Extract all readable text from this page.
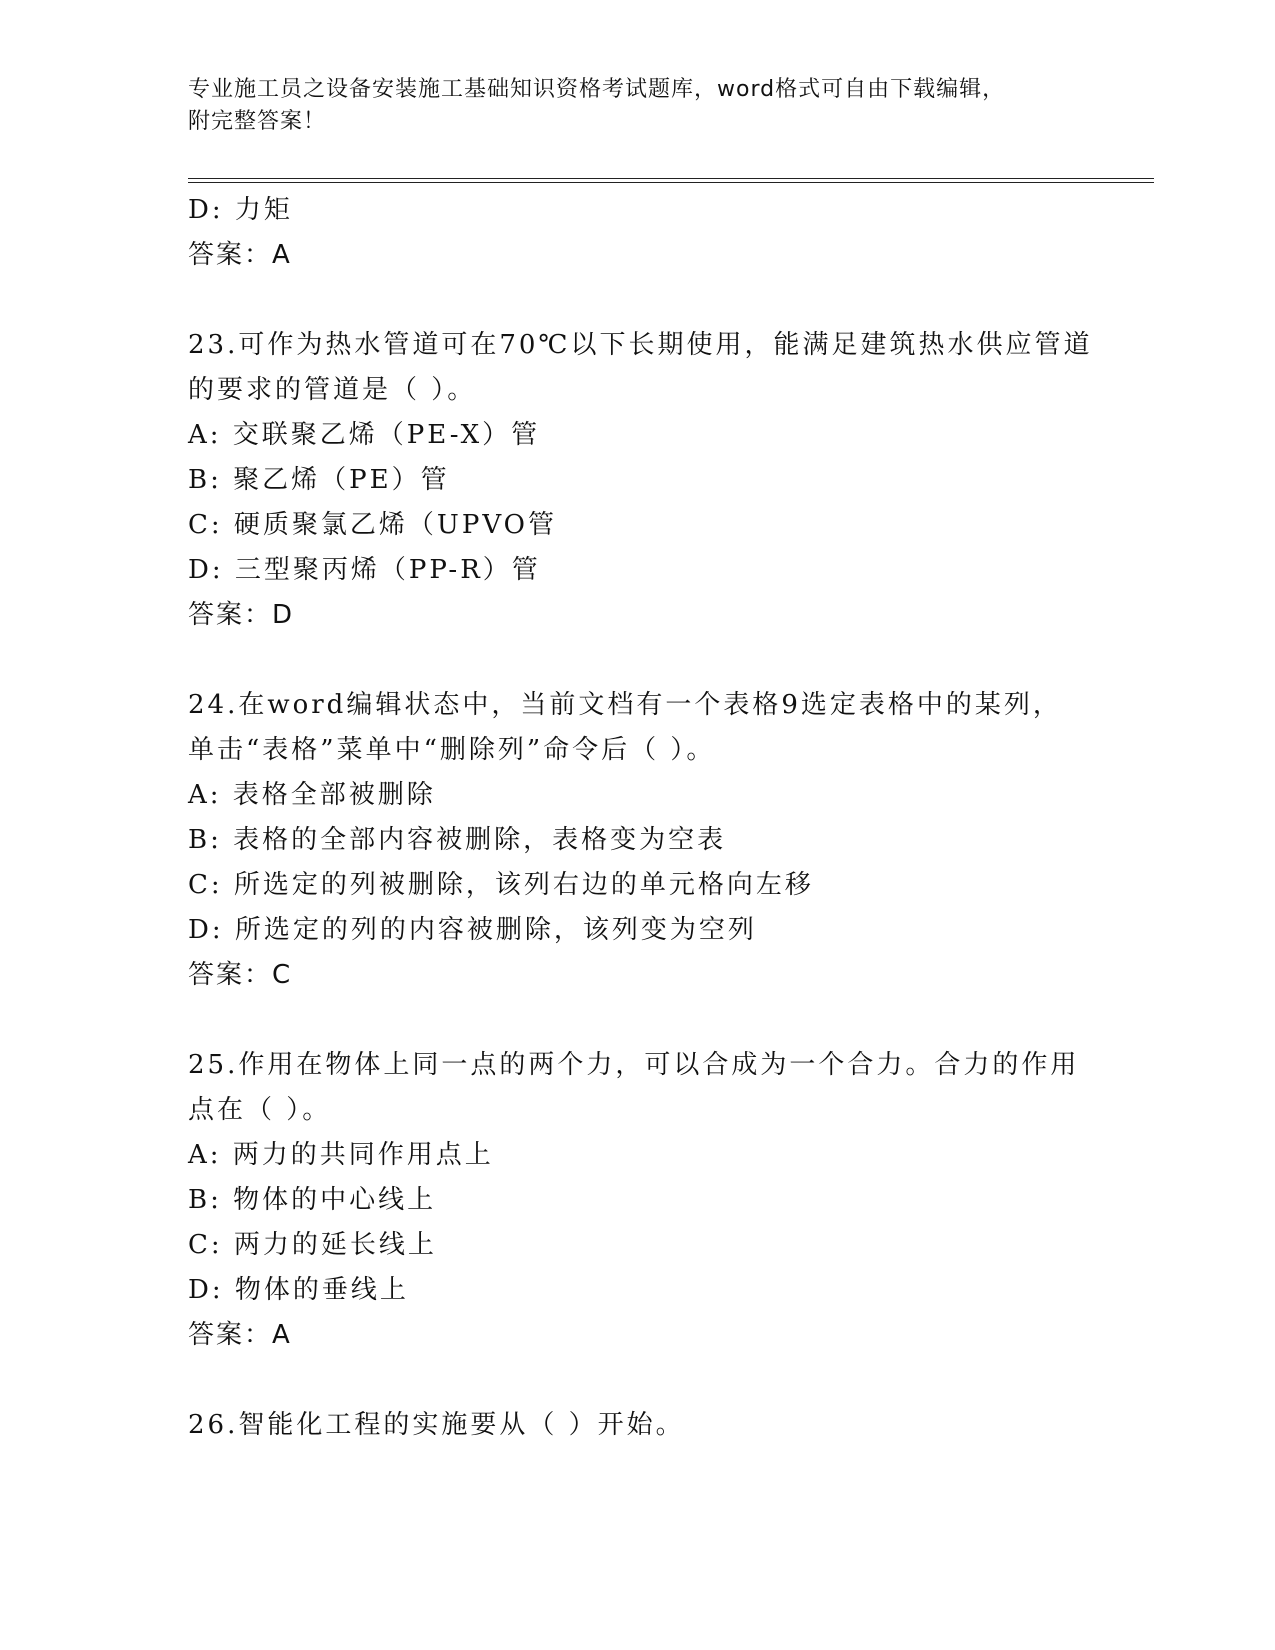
专业施工员之设备安装施工基础知识资格考试题库，word格式可自由下载编辑，
附完整答案！
D: 力矩
答案：A
23.可作为热水管道可在70℃以下长期使用，能满足建筑热水供应管道
的要求的管道是（ ）。
A: 交联聚乙烯（PE-X）管
B: 聚乙烯（PE）管
C: 硬质聚氯乙烯（UPVO管
D: 三型聚丙烯（PP-R）管
答案：D
24.在word编辑状态中，当前文档有一个表格9选定表格中的某列，
单击“表格”菜单中“删除列”命令后（ ）。
A: 表格全部被删除
B: 表格的全部内容被删除，表格变为空表
C: 所选定的列被删除，该列右边的单元格向左移
D: 所选定的列的内容被删除，该列变为空列
答案：C
25.作用在物体上同一点的两个力，可以合成为一个合力。合力的作用
点在（ ）。
A: 两力的共同作用点上
B: 物体的中心线上
C: 两力的延长线上
D: 物体的垂线上
答案：A
26.智能化工程的实施要从（ ）开始。
